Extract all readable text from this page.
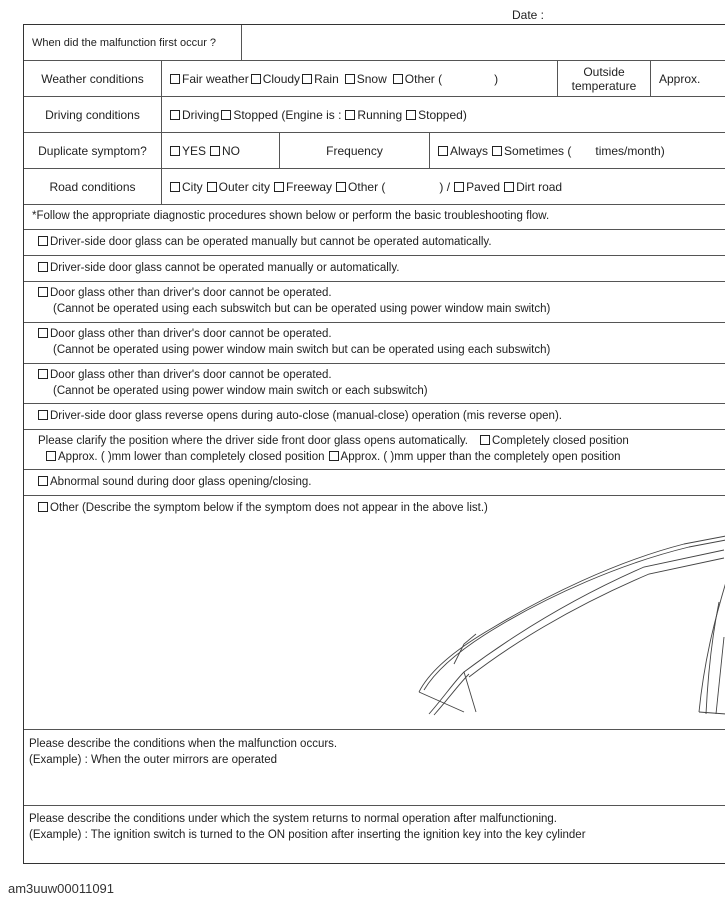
Date :
When did the malfunction first occur ?
Weather conditions	Fair weather Cloudy Rain Snow Other (	)	Outside temperature	Approx.
Driving conditions	Driving Stopped (Engine is : Running Stopped)
Duplicate symptom?	YES NO	Frequency	Always Sometimes ( times/month)
Road conditions	City Outer city Freeway Other (	) / Paved Dirt road
*Follow the appropriate diagnostic procedures shown below or perform the basic troubleshooting flow.
Driver-side door glass can be operated manually but cannot be operated automatically.
Driver-side door glass cannot be operated manually or automatically.
Door glass other than driver's door cannot be operated.
(Cannot be operated using each subswitch but can be operated using power window main switch)
Door glass other than driver's door cannot be operated.
(Cannot be operated using power window main switch but can be operated using each subswitch)
Door glass other than driver's door cannot be operated.
(Cannot be operated using power window main switch or each subswitch)
Driver-side door glass reverse opens during auto-close (manual-close) operation (mis reverse open).
Please clarify the position where the driver side front door glass opens automatically. Completely closed position
Approx. ( )mm lower than completely closed position Approx. ( )mm upper than the completely open position
Abnormal sound during door glass opening/closing.
Other (Describe the symptom below if the symptom does not appear in the above list.)
Please describe the conditions when the malfunction occurs.
(Example) : When the outer mirrors are operated
Please describe the conditions under which the system returns to normal operation after malfunctioning.
(Example) : The ignition switch is turned to the ON position after inserting the ignition key into the key cylinder
am3uuw00011091
